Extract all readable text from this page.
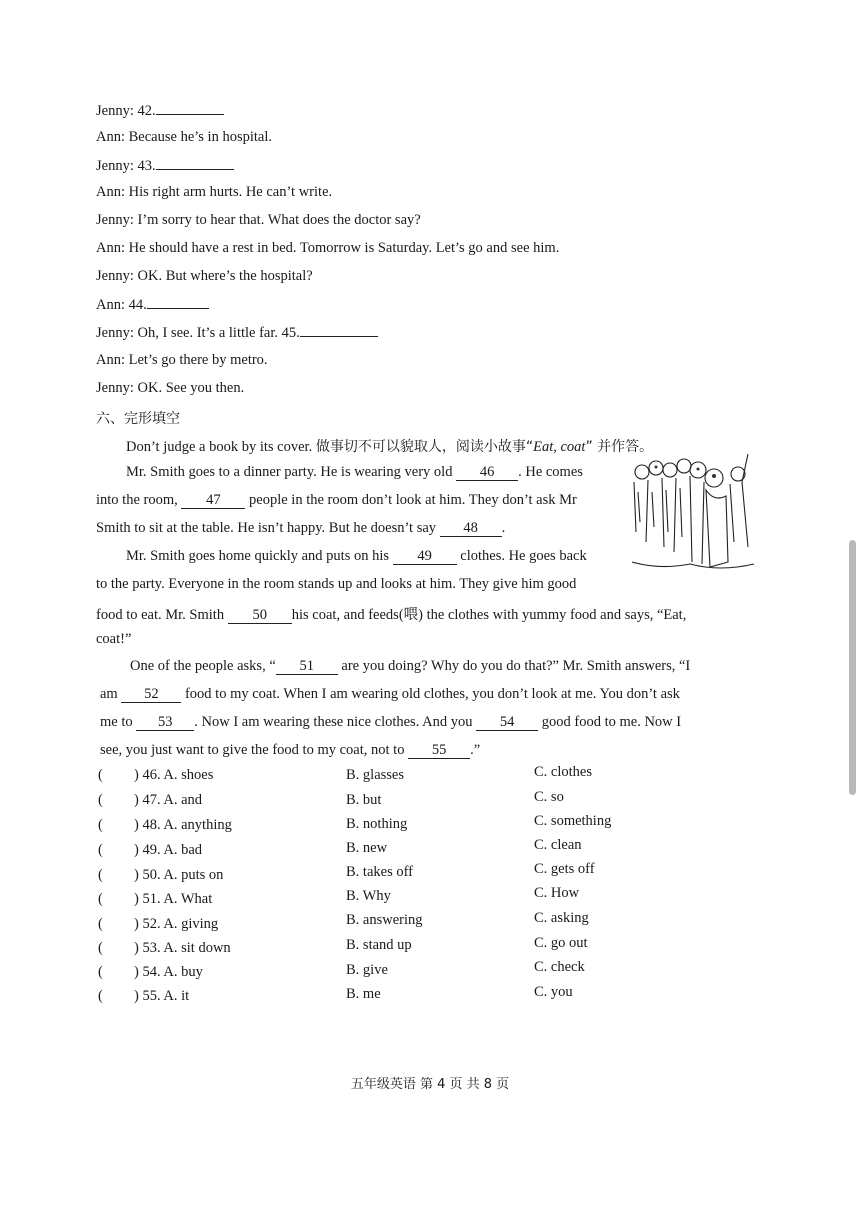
Jenny: 42.
Ann: Because he’s in hospital.
Jenny: 43.
Ann: His right arm hurts. He can’t write.
Jenny: I’m sorry to hear that. What does the doctor say?
Ann: He should have a rest in bed. Tomorrow is Saturday. Let’s go and see him.
Jenny: OK. But where’s the hospital?
Ann: 44.
Jenny: Oh, I see. It’s a little far. 45.
Ann: Let’s go there by metro.
Jenny: OK. See you then.
六、完形填空
Don’t judge a book by its cover. 做事切不可以貌取人，阅读小故事“Eat, coat” 并作答。
Mr. Smith goes to a dinner party. He is wearing very old 46 . He comes
into the room, 47 people in the room don’t look at him. They don’t ask Mr
Smith to sit at the table. He isn’t happy. But he doesn’t say 48 .
Mr. Smith goes home quickly and puts on his 49 clothes. He goes back
to the party. Everyone in the room stands up and looks at him. They give him good
food to eat. Mr. Smith 50 his coat, and feeds(喂) the clothes with yummy food and says, “Eat,
coat!”
One of the people asks, “ 51 are you doing? Why do you do that?” Mr. Smith answers, “I
am 52 food to my coat. When I am wearing old clothes, you don’t look at me. You don’t ask
me to 53 . Now I am wearing these nice clothes. And you 54 good food to me. Now I
see, you just want to give the food to my coat, not to 55 .”
( ) 46. A. shoes	B. glasses	C. clothes
( ) 47. A. and	B. but	C. so
( ) 48. A. anything	B. nothing	C. something
( ) 49. A. bad	B. new	C. clean
( ) 50. A. puts on	B. takes off	C. gets off
( ) 51. A. What	B. Why	C. How
( ) 52. A. giving	B. answering	C. asking
( ) 53. A. sit down	B. stand up	C. go out
( ) 54. A. buy	B. give	C. check
( ) 55. A. it	B. me	C. you
五年级英语 第 4 页 共 8 页
